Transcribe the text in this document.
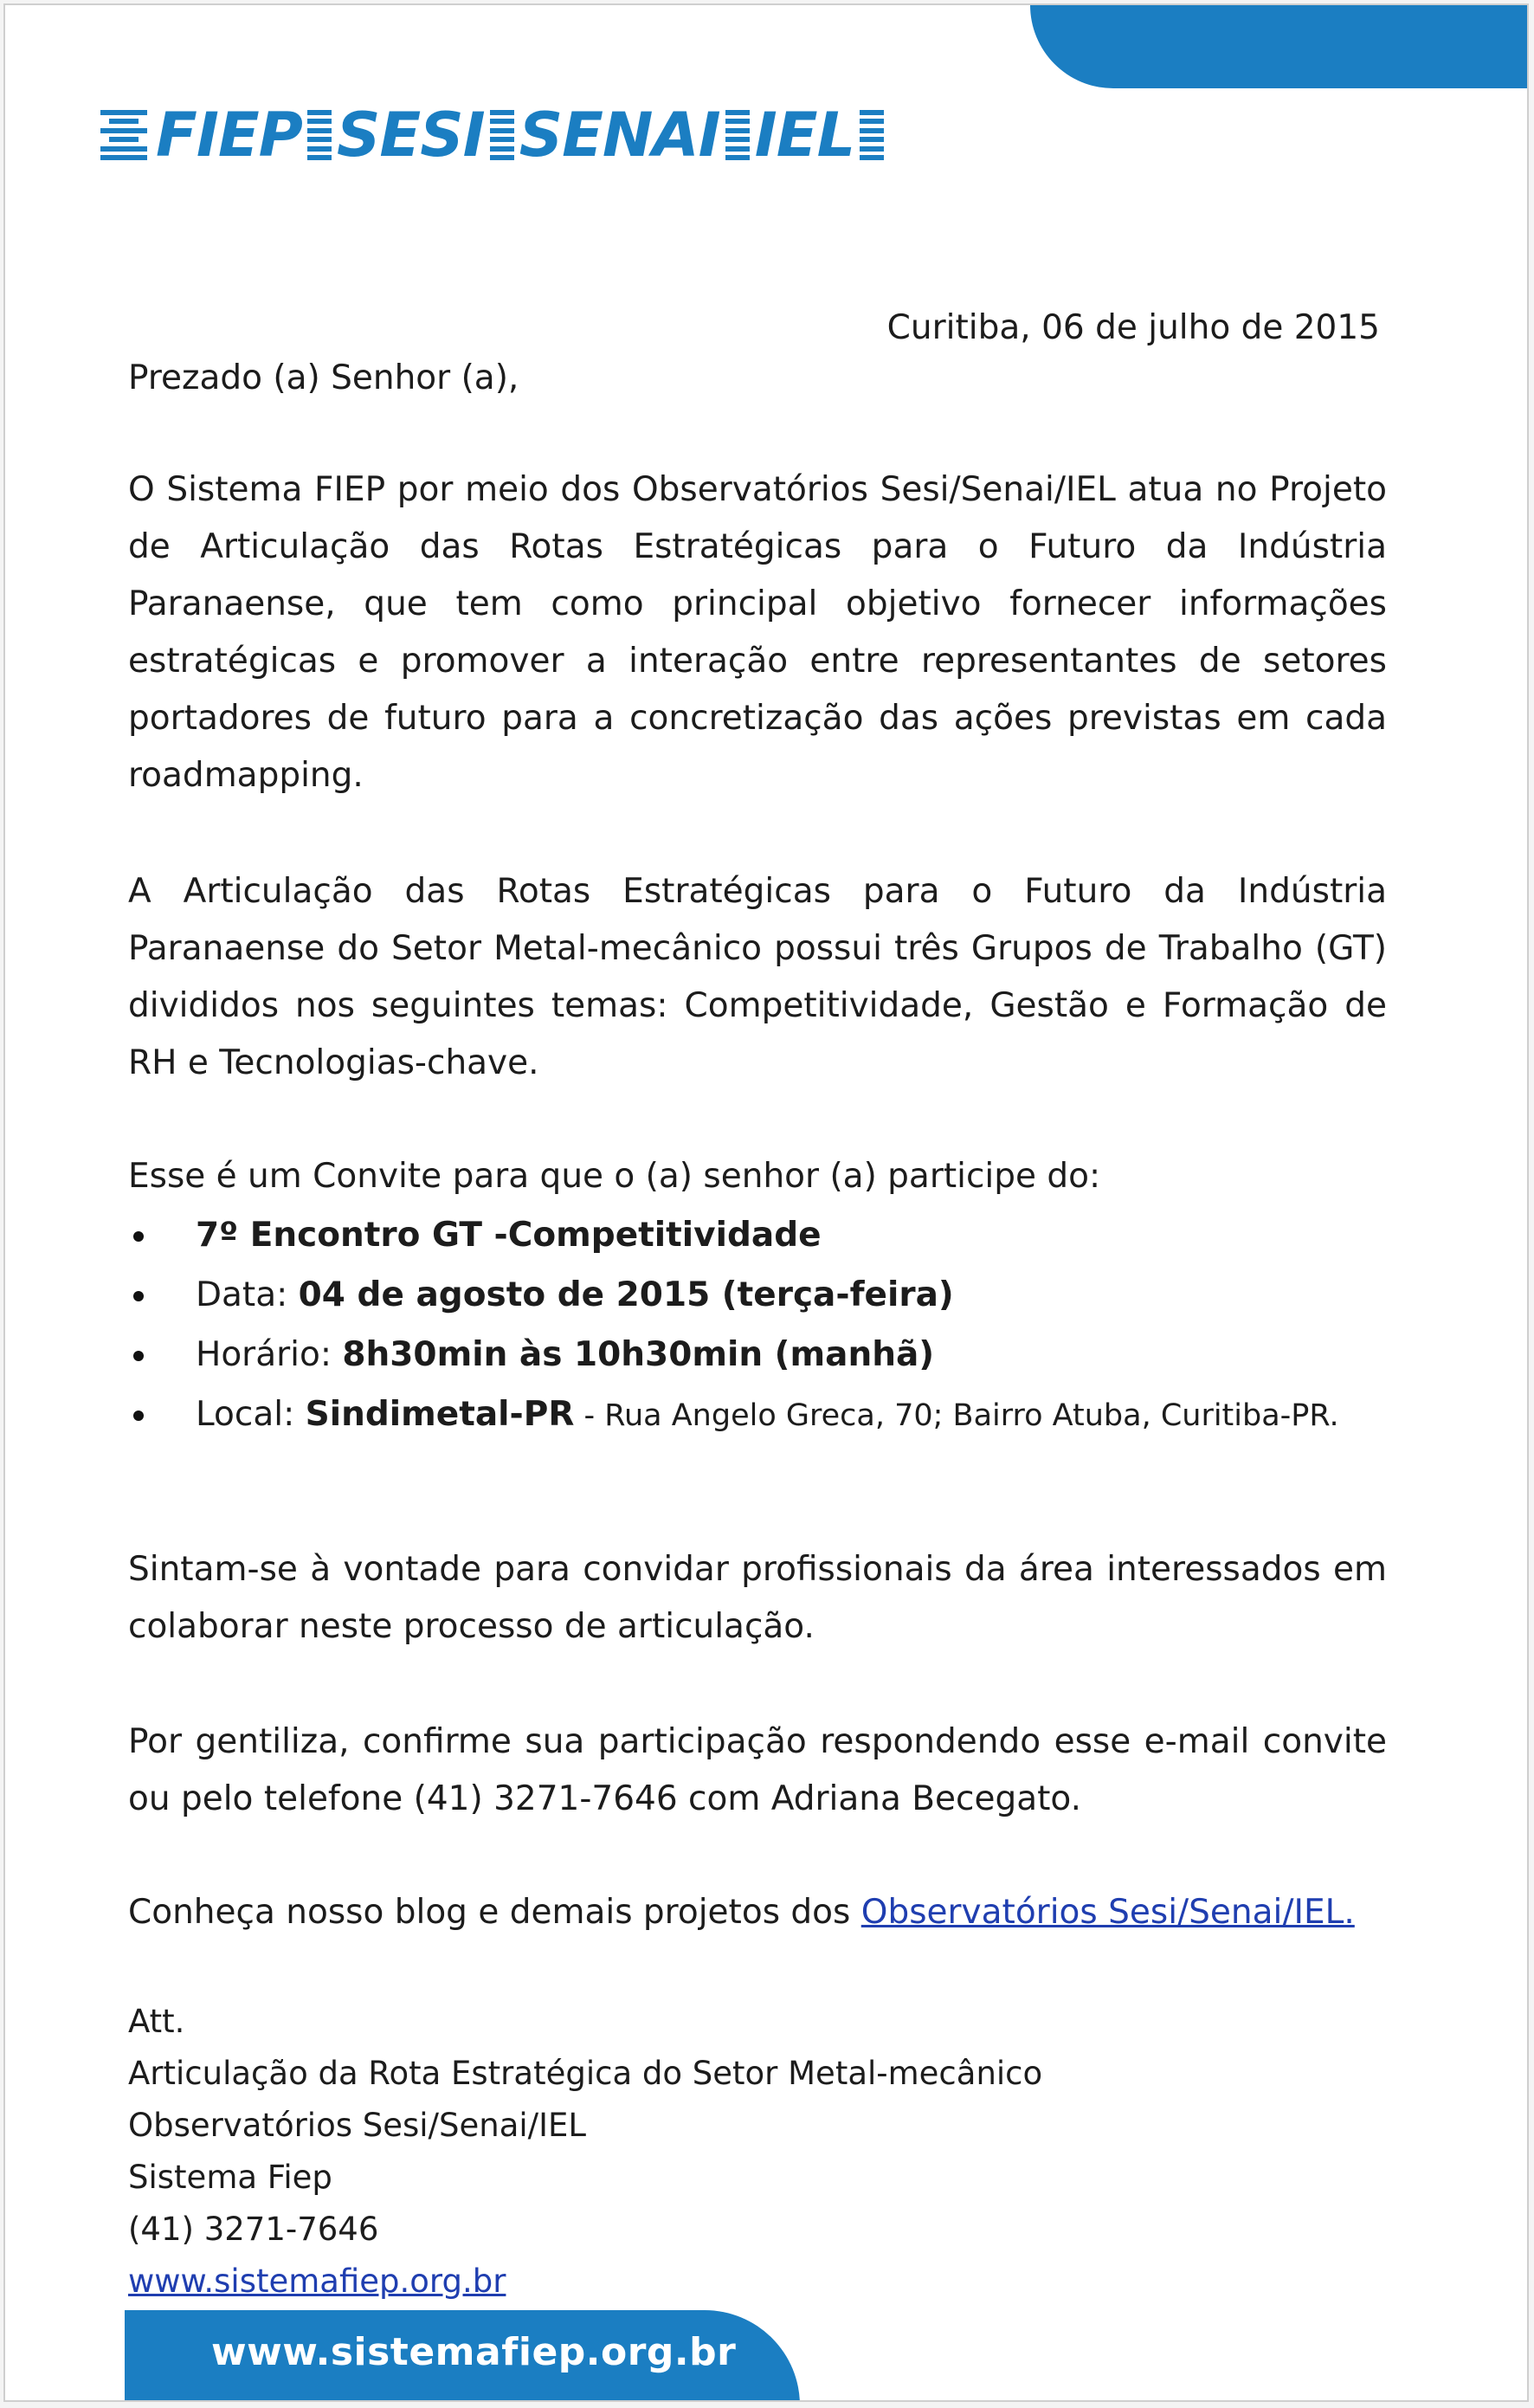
FIEP SESI SENAI IEL
Curitiba, 06 de julho de 2015
Prezado (a) Senhor (a),
O Sistema FIEP por meio dos Observatórios Sesi/Senai/IEL atua no Projeto de Articulação das Rotas Estratégicas para o Futuro da Indústria Paranaense, que tem como principal objetivo fornecer informações estratégicas e promover a interação entre representantes de setores portadores de futuro para a concretização das ações previstas em cada roadmapping.
A Articulação das Rotas Estratégicas para o Futuro da Indústria Paranaense do Setor Metal-mecânico possui três Grupos de Trabalho (GT) divididos nos seguintes temas: Competitividade, Gestão e Formação de RH e Tecnologias-chave.
Esse é um Convite para que o (a) senhor (a) participe do:
7º Encontro GT -Competitividade
Data: 04 de agosto de 2015 (terça-feira)
Horário: 8h30min às 10h30min (manhã)
Local: Sindimetal-PR - Rua Angelo Greca, 70; Bairro Atuba, Curitiba-PR.
Sintam-se à vontade para convidar profissionais da área interessados em colaborar neste processo de articulação.
Por gentiliza, confirme sua participação respondendo esse e-mail convite ou pelo telefone (41) 3271-7646 com Adriana Becegato.
Conheça nosso blog e demais projetos dos Observatórios Sesi/Senai/IEL.
Att.
Articulação da Rota Estratégica do Setor Metal-mecânico
Observatórios Sesi/Senai/IEL
Sistema Fiep
(41) 3271-7646
www.sistemafiep.org.br
www.sistemafiep.org.br
